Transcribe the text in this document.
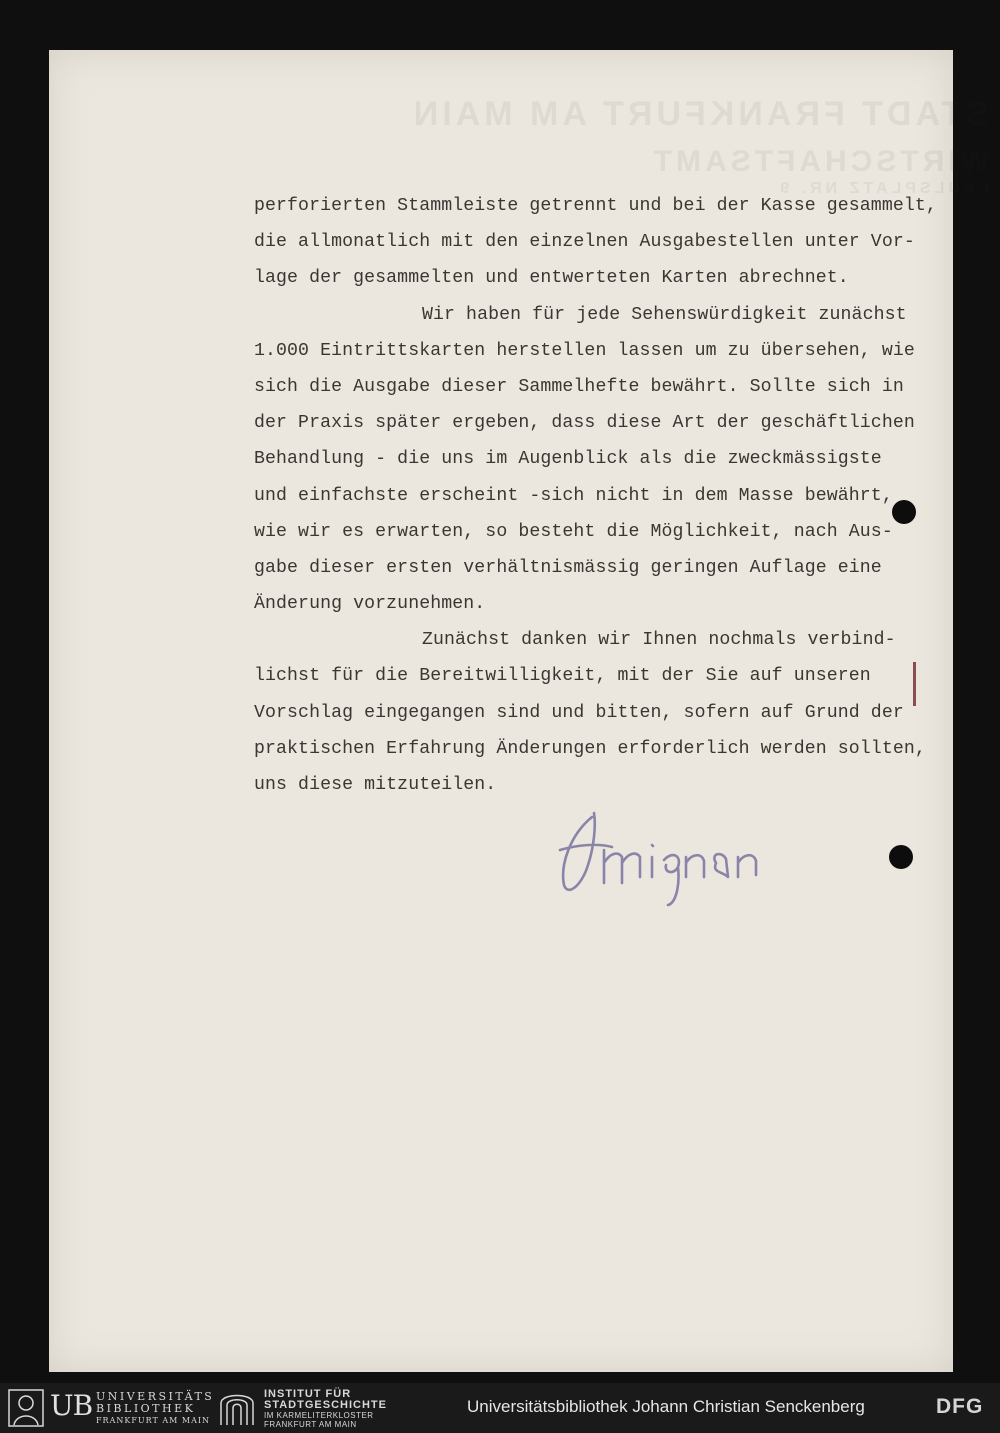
STADT FRANKFURT AM MAIN
WIRTSCHAFTSAMT
PAULSPLATZ NR. 9
perforierten Stammleiste getrennt und bei der Kasse gesammelt,
die allmonatlich mit den einzelnen Ausgabestellen unter Vor-
lage der gesammelten und entwerteten Karten abrechnet.
Wir haben für jede Sehenswürdigkeit zunächst
1.000 Eintrittskarten herstellen lassen um zu übersehen, wie
sich die Ausgabe dieser Sammelhefte bewährt. Sollte sich in
der Praxis später ergeben, dass diese Art der geschäftlichen
Behandlung - die uns im Augenblick als die zweckmässigste
und einfachste erscheint -sich nicht in dem Masse bewährt,
wie wir es erwarten, so besteht die Möglichkeit, nach Aus-
gabe dieser ersten verhältnismässig geringen Auflage eine
Änderung vorzunehmen.
Zunächst danken wir Ihnen nochmals verbind-
lichst für die Bereitwilligkeit, mit der Sie auf unseren
Vorschlag eingegangen sind und bitten, sofern auf Grund der
praktischen Erfahrung Änderungen erforderlich werden sollten,
uns diese mitzuteilen.
Lingnau
UB UNIVERSITÄTS
BIBLIOTHEK
FRANKFURT AM MAIN
INSTITUT FÜR
STADTGESCHICHTE
IM KARMELITERKLOSTER
FRANKFURT AM MAIN
Universitätsbibliothek Johann Christian Senckenberg	DFG
